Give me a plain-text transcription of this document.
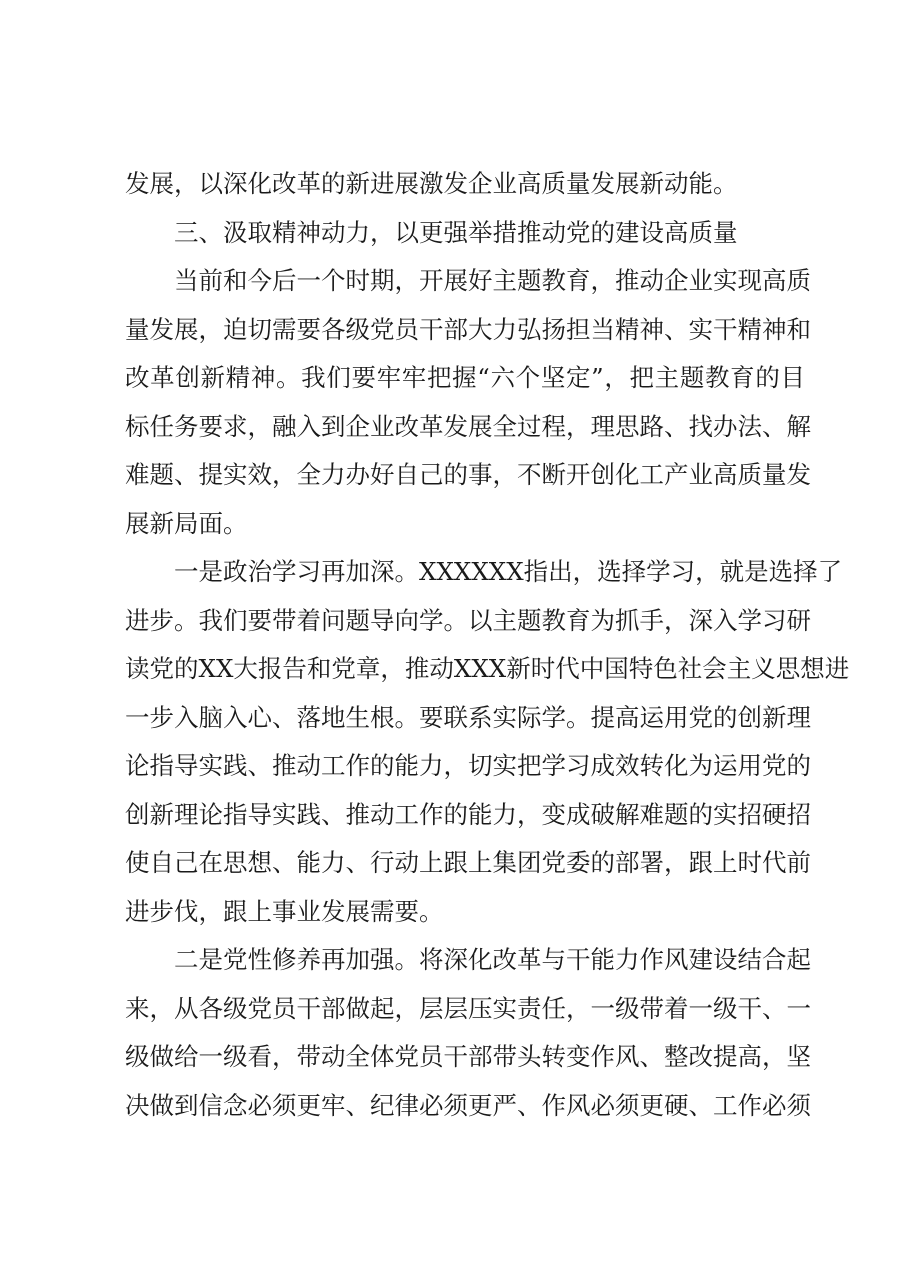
发展，以深化改革的新进展激发企业高质量发展新动能。

三、汲取精神动力，以更强举措推动党的建设高质量

当前和今后一个时期，开展好主题教育，推动企业实现高质
量发展，迫切需要各级党员干部大力弘扬担当精神、实干精神和
改革创新精神。我们要牢牢把握“六个坚定”，把主题教育的目
标任务要求，融入到企业改革发展全过程，理思路、找办法、解
难题、提实效，全力办好自己的事，不断开创化工产业高质量发
展新局面。

一是政治学习再加深。XXXXXX指出，选择学习，就是选择了
进步。我们要带着问题导向学。以主题教育为抓手，深入学习研
读党的XX大报告和党章，推动XXX新时代中国特色社会主义思想进
一步入脑入心、落地生根。要联系实际学。提高运用党的创新理
论指导实践、推动工作的能力，切实把学习成效转化为运用党的
创新理论指导实践、推动工作的能力，变成破解难题的实招硬招
使自己在思想、能力、行动上跟上集团党委的部署，跟上时代前
进步伐，跟上事业发展需要。

二是党性修养再加强。将深化改革与干能力作风建设结合起
来，从各级党员干部做起，层层压实责任，一级带着一级干、一
级做给一级看，带动全体党员干部带头转变作风、整改提高，坚
决做到信念必须更牢、纪律必须更严、作风必须更硬、工作必须
